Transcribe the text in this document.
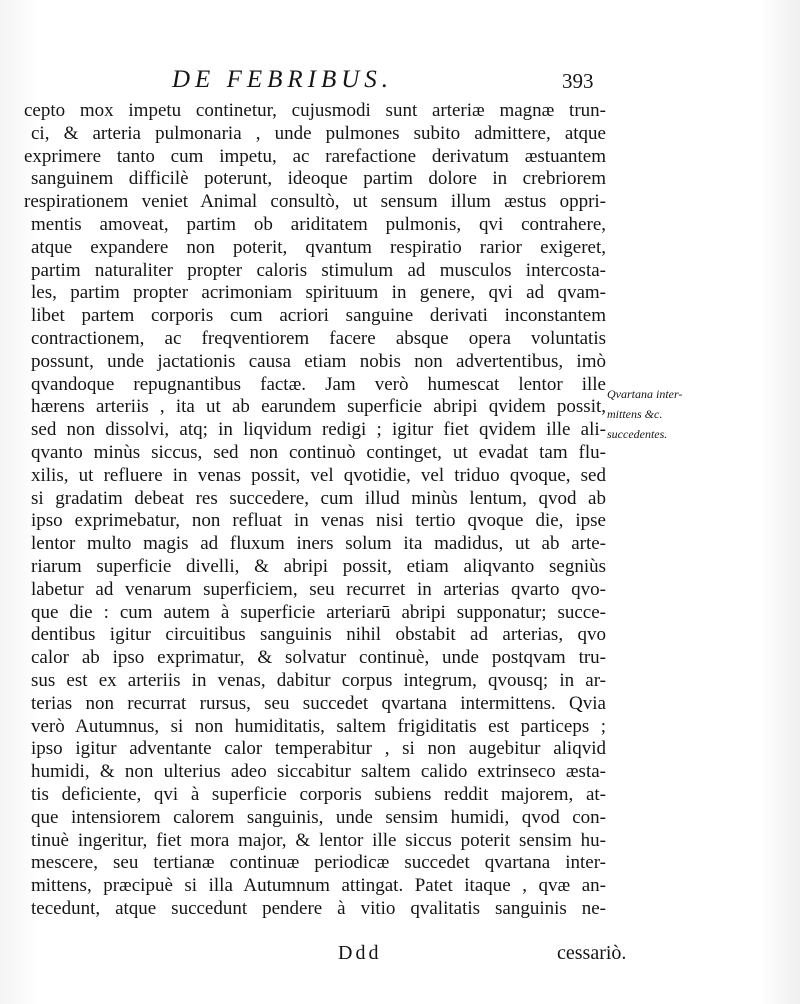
DE FEBRIBUS.	393
cepto mox impetu continetur, cujusmodi sunt arteriæ magnæ trun-
ci, & arteria pulmonaria , unde pulmones subito admittere, atque
exprimere tanto cum impetu, ac rarefactione derivatum æstuantem
sanguinem difficilè poterunt, ideoque partim dolore in crebriorem
respirationem veniet Animal consultò, ut sensum illum æstus oppri-
mentis amoveat, partim ob ariditatem pulmonis, qvi contrahere,
atque expandere non poterit, qvantum respiratio rarior exigeret,
partim naturaliter propter caloris stimulum ad musculos intercosta-
les, partim propter acrimoniam spirituum in genere, qvi ad qvam-
libet partem corporis cum acriori sanguine derivati inconstantem
contractionem, ac freqventiorem facere absque opera voluntatis
possunt, unde jactationis causa etiam nobis non advertentibus, imò
qvandoque repugnantibus factæ. Jam verò humescat lentor ille
hærens arteriis , ita ut ab earundem superficie abripi qvidem possit,
sed non dissolvi, atq; in liqvidum redigi ; igitur fiet qvidem ille ali-
qvanto minùs siccus, sed non continuò continget, ut evadat tam flu-
xilis, ut refluere in venas possit, vel qvotidie, vel triduo qvoque, sed
si gradatim debeat res succedere, cum illud minùs lentum, qvod ab
ipso exprimebatur, non refluat in venas nisi tertio qvoque die, ipse
lentor multo magis ad fluxum iners solum ita madidus, ut ab arte-
riarum superficie divelli, & abripi possit, etiam aliqvanto segniùs
labetur ad venarum superficiem, seu recurret in arterias qvarto qvo-
que die : cum autem à superficie arteriarū abripi supponatur; succe-
dentibus igitur circuitibus sanguinis nihil obstabit ad arterias, qvo
calor ab ipso exprimatur, & solvatur continuè, unde postqvam tru-
sus est ex arteriis in venas, dabitur corpus integrum, qvousq; in ar-
terias non recurrat rursus, seu succedet qvartana intermittens. Qvia
verò Autumnus, si non humiditatis, saltem frigiditatis est particeps ;
ipso igitur adventante calor temperabitur , si non augebitur aliqvid
humidi, & non ulterius adeo siccabitur saltem calido extrinseco æsta-
tis deficiente, qvi à superficie corporis subiens reddit majorem, at-
que intensiorem calorem sanguinis, unde sensim humidi, qvod con-
tinuè ingeritur, fiet mora major, & lentor ille siccus poterit sensim hu-
mescere, seu tertianæ continuæ periodicæ succedet qvartana inter-
mittens, præcipuè si illa Autumnum attingat. Patet itaque , qvæ an-
tecedunt, atque succedunt pendere à vitio qvalitatis sanguinis ne-
Qvartana inter-
mittens &c.
succedentes.
Ddd	cessariò.
